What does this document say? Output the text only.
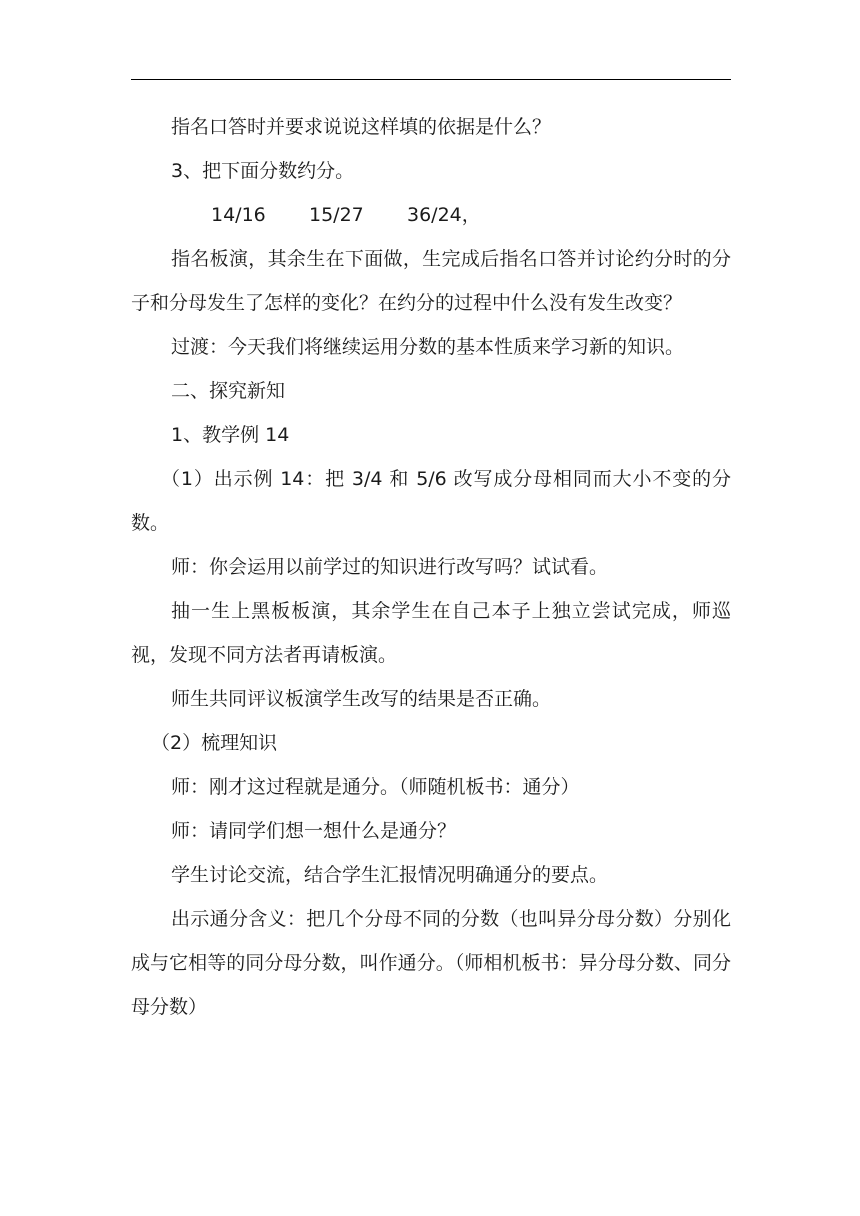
指名口答时并要求说说这样填的依据是什么？

3、把下面分数约分。

14/16 15/27 36/24，

指名板演，其余生在下面做，生完成后指名口答并讨论约分时的分子和分母发生了怎样的变化？在约分的过程中什么没有发生改变？

过渡：今天我们将继续运用分数的基本性质来学习新的知识。

二、探究新知

1、教学例 14

（1）出示例 14：把 3/4 和 5/6 改写成分母相同而大小不变的分数。

师：你会运用以前学过的知识进行改写吗？试试看。

抽一生上黑板板演，其余学生在自己本子上独立尝试完成，师巡视，发现不同方法者再请板演。

师生共同评议板演学生改写的结果是否正确。

（2）梳理知识

师：刚才这过程就是通分。（师随机板书：通分）

师：请同学们想一想什么是通分？

学生讨论交流，结合学生汇报情况明确通分的要点。

出示通分含义：把几个分母不同的分数（也叫异分母分数）分别化成与它相等的同分母分数，叫作通分。（师相机板书：异分母分数、同分母分数）
